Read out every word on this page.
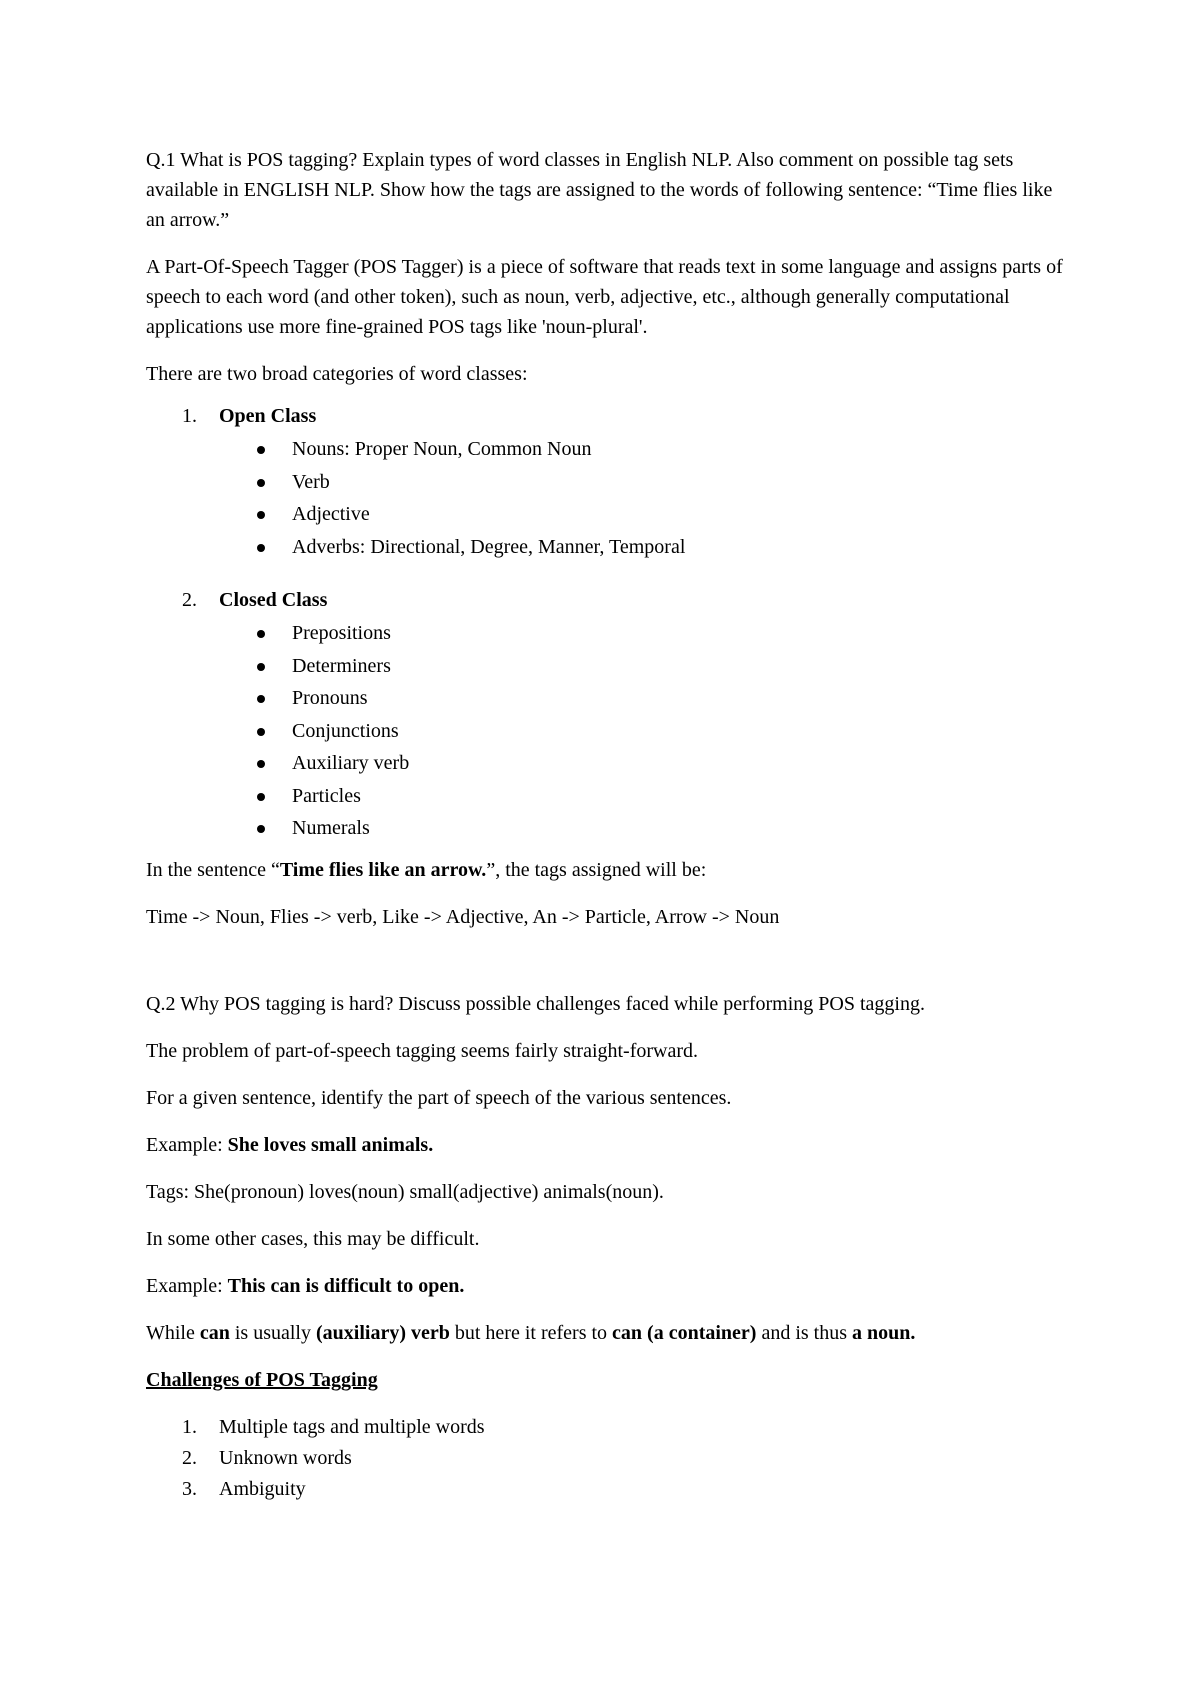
Q.1 What is POS tagging? Explain types of word classes in English NLP. Also comment on possible tag sets available in ENGLISH NLP. Show how the tags are assigned to the words of following sentence: “Time flies like an arrow.”

A Part-Of-Speech Tagger (POS Tagger) is a piece of software that reads text in some language and assigns parts of speech to each word (and other token), such as noun, verb, adjective, etc., although generally computational applications use more fine-grained POS tags like 'noun-plural'.

There are two broad categories of word classes:

1. Open Class
Nouns: Proper Noun, Common Noun
Verb
Adjective
Adverbs: Directional, Degree, Manner, Temporal
2. Closed Class
Prepositions
Determiners
Pronouns
Conjunctions
Auxiliary verb
Particles
Numerals

In the sentence “Time flies like an arrow.”, the tags assigned will be:

Time -> Noun, Flies -> verb, Like -> Adjective, An -> Particle, Arrow -> Noun

Q.2 Why POS tagging is hard? Discuss possible challenges faced while performing POS tagging.

The problem of part-of-speech tagging seems fairly straight-forward.

For a given sentence, identify the part of speech of the various sentences.

Example: She loves small animals.

Tags: She(pronoun) loves(noun) small(adjective) animals(noun).

In some other cases, this may be difficult.

Example: This can is difficult to open.

While can is usually (auxiliary) verb but here it refers to can (a container) and is thus a noun.

Challenges of POS Tagging

1. Multiple tags and multiple words
2. Unknown words
3. Ambiguity
